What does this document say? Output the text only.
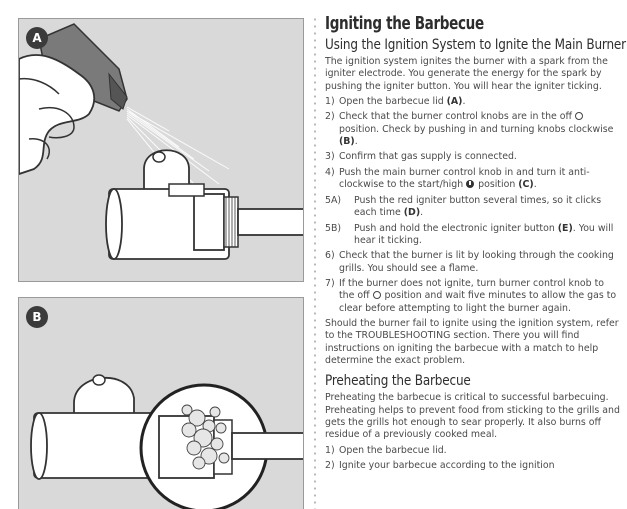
A
B
Igniting the Barbecue
Using the Ignition System to Ignite the Main Burner

The ignition system ignites the burner with a spark from the igniter electrode. You generate the energy for the spark by pushing the igniter button. You will hear the igniter ticking.

1) Open the barbecue lid (A).
2) Check that the burner control knobs are in the off  position. Check by pushing in and turning knobs clockwise (B).
3) Confirm that gas supply is connected.
4) Push the main burner control knob in and turn it anti-clockwise to the start/high  position (C).
5A) Push the red igniter button several times, so it clicks each time (D).
5B) Push and hold the electronic igniter button (E). You will hear it ticking.
6) Check that the burner is lit by looking through the cooking grills. You should see a flame.
7) If the burner does not ignite, turn burner control knob to the off  position and wait five minutes to allow the gas to clear before attempting to light the burner again.

Should the burner fail to ignite using the ignition system, refer to the TROUBLESHOOTING section. There you will find instructions on igniting the barbecue with a match to help determine the exact problem.

Preheating the Barbecue

Preheating the barbecue is critical to successful barbecuing. Preheating helps to prevent food from sticking to the grills and gets the grills hot enough to sear properly. It also burns off residue of a previously cooked meal.

1) Open the barbecue lid.
2) Ignite your barbecue according to the ignition
